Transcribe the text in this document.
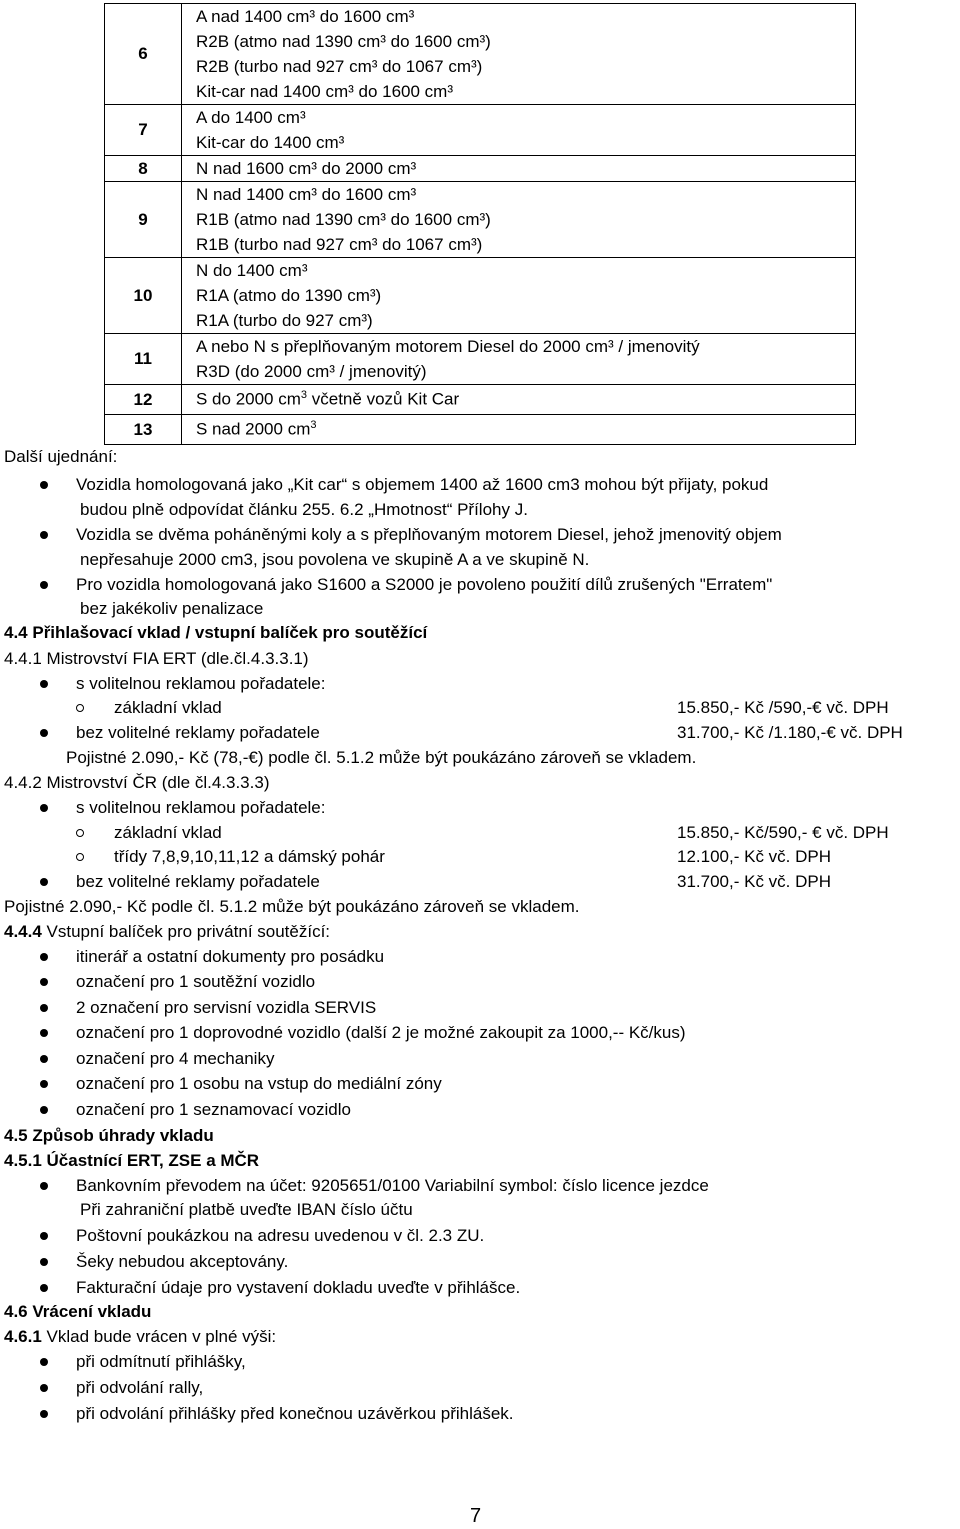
6	A nad 1400 cm³ do 1600 cm³
R2B (atmo nad 1390 cm³ do 1600 cm³)
R2B (turbo nad 927 cm³ do 1067 cm³)
Kit-car nad 1400 cm³ do 1600 cm³

7	A do 1400 cm³
Kit-car do 1400 cm³

8	N nad 1600 cm³ do 2000 cm³

9	N nad 1400 cm³ do 1600 cm³
R1B (atmo nad 1390 cm³ do 1600 cm³)
R1B (turbo nad 927 cm³ do 1067 cm³)

10	N do 1400 cm³
R1A (atmo do 1390 cm³)
R1A (turbo do 927 cm³)

11	A nebo N s přeplňovaným motorem Diesel do 2000 cm³ / jmenovitý
R3D (do 2000 cm³ / jmenovitý)

12	S do 2000 $cm^3$ včetně vozů Kit Car
13	S nad 2000 $cm^3$
Další ujednání:
Vozidla homologovaná jako „Kit car“ s objemem 1400 až 1600 cm3 mohou být přijaty, pokud
budou plně odpovídat článku 255. 6.2 „Hmotnost“ Přílohy J.
Vozidla se dvěma poháněnými koly a s přeplňovaným motorem Diesel, jehož jmenovitý objem
nepřesahuje 2000 cm3, jsou povolena ve skupině A a ve skupině N.
Pro vozidla homologovaná jako S1600 a S2000 je povoleno použití dílů zrušených "Erratem"
bez jakékoliv penalizace
4.4 Přihlašovací vklad / vstupní balíček pro soutěžící
4.4.1 Mistrovství FIA ERT (dle.čl.4.3.3.1)
s volitelnou reklamou pořadatele:
základní vklad	15.850,- Kč /590,-€ vč. DPH
bez volitelné reklamy pořadatele	31.700,- Kč /1.180,-€ vč. DPH
Pojistné 2.090,- Kč (78,-€) podle čl. 5.1.2 může být poukázáno zároveň se vkladem.
4.4.2 Mistrovství ČR (dle čl.4.3.3.3)
s volitelnou reklamou pořadatele:
základní vklad	15.850,- Kč/590,- € vč. DPH
třídy 7,8,9,10,11,12 a dámský pohár	12.100,- Kč vč. DPH
bez volitelné reklamy pořadatele	31.700,- Kč vč. DPH
Pojistné 2.090,- Kč podle čl. 5.1.2 může být poukázáno zároveň se vkladem.
4.4.4 Vstupní balíček pro privátní soutěžící:
itinerář a ostatní dokumenty pro posádku
označení pro 1 soutěžní vozidlo
2 označení pro servisní vozidla SERVIS
označení pro 1 doprovodné vozidlo (další 2 je možné zakoupit za 1000,-- Kč/kus)
označení pro 4 mechaniky
označení pro 1 osobu na vstup do mediální zóny
označení pro 1 seznamovací vozidlo
4.5 Způsob úhrady vkladu
4.5.1 Účastnící ERT, ZSE a MČR
Bankovním převodem na účet: 9205651/0100 Variabilní symbol: číslo licence jezdce
Při zahraniční platbě uveďte IBAN číslo účtu
Poštovní poukázkou na adresu uvedenou v čl. 2.3 ZU.
Šeky nebudou akceptovány.
Fakturační údaje pro vystavení dokladu uveďte v přihlášce.
4.6 Vrácení vkladu
4.6.1 Vklad bude vrácen v plné výši:
při odmítnutí přihlášky,
při odvolání rally,
při odvolání přihlášky před konečnou uzávěrkou přihlášek.
7
